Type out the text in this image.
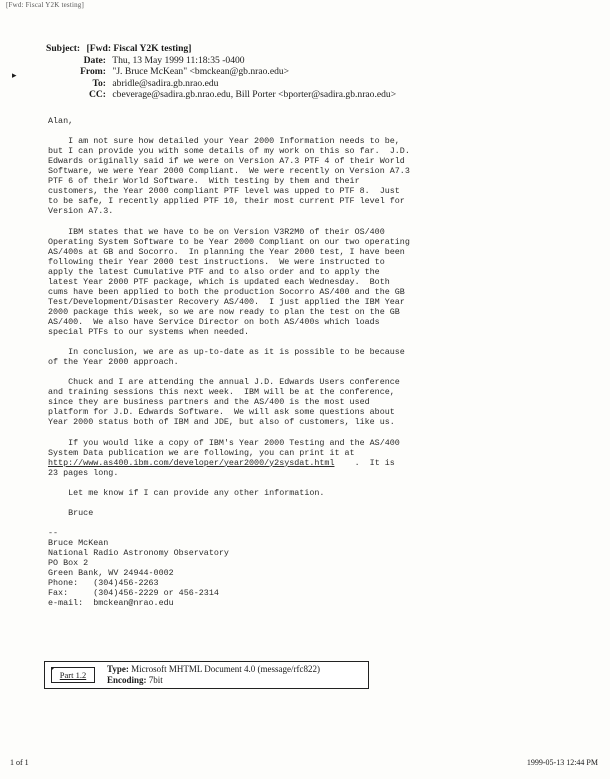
[Fwd: Fiscal Y2K testing]
▸
Subject: [Fwd: Fiscal Y2K testing]
Date: Thu, 13 May 1999 11:18:35 -0400
From: "J. Bruce McKean" <bmckean@gb.nrao.edu>
To: abridle@sadira.gb.nrao.edu
CC: cbeverage@sadira.gb.nrao.edu, Bill Porter <bporter@sadira.gb.nrao.edu>
Alan,
I am not sure how detailed your Year 2000 Information needs to be,
but I can provide you with some details of my work on this so far.  J.D.
Edwards originally said if we were on Version A7.3 PTF 4 of their World
Software, we were Year 2000 Compliant.  We were recently on Version A7.3
PTF 6 of their World Software.  With testing by them and their
customers, the Year 2000 compliant PTF level was upped to PTF 8.  Just
to be safe, I recently applied PTF 10, their most current PTF level for
Version A7.3.
IBM states that we have to be on Version V3R2M0 of their OS/400
Operating System Software to be Year 2000 Compliant on our two operating
AS/400s at GB and Socorro.  In planning the Year 2000 test, I have been
following their Year 2000 test instructions.  We were instructed to
apply the latest Cumulative PTF and to also order and to apply the
latest Year 2000 PTF package, which is updated each Wednesday.  Both
cums have been applied to both the production Socorro AS/400 and the GB
Test/Development/Disaster Recovery AS/400.  I just applied the IBM Year
2000 package this week, so we are now ready to plan the test on the GB
AS/400.  We also have Service Director on both AS/400s which loads
special PTFs to our systems when needed.
In conclusion, we are as up-to-date as it is possible to be because
of the Year 2000 approach.
Chuck and I are attending the annual J.D. Edwards Users conference
and training sessions this next week.  IBM will be at the conference,
since they are business partners and the AS/400 is the most used
platform for J.D. Edwards Software.  We will ask some questions about
Year 2000 status both of IBM and JDE, but also of customers, like us.
If you would like a copy of IBM's Year 2000 Testing and the AS/400
System Data publication we are following, you can print it at
http://www.as400.ibm.com/developer/year2000/y2sysdat.html    .  It is
23 pages long.
Let me know if I can provide any other information.
Bruce
--
Bruce McKean
National Radio Astronomy Observatory
PO Box 2
Green Bank, WV 24944-0002
Phone:   (304)456-2263
Fax:     (304)456-2229 or 456-2314
e-mail:  bmckean@nrao.edu
Part 1.2
Type: Microsoft MHTML Document 4.0 (message/rfc822)
Encoding: 7bit
1 of 1	1999-05-13 12:44 PM
